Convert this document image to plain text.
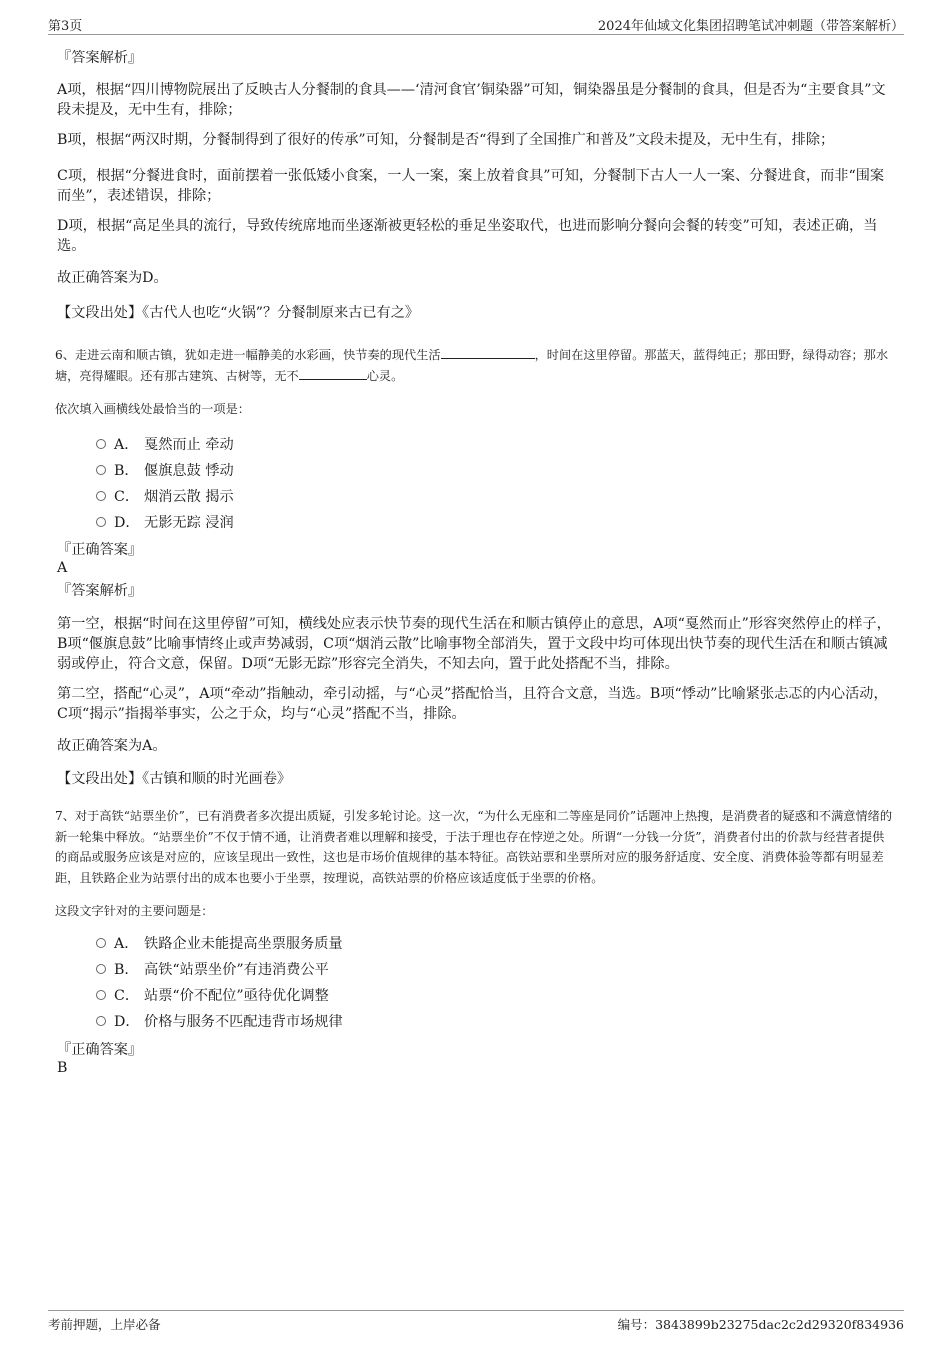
第3页	2024年仙域文化集团招聘笔试冲刺题（带答案解析）
『答案解析』
A项，根据“四川博物院展出了反映古人分餐制的食具——‘清河食官’铜染器”可知，铜染器虽是分餐制的食具，但是否为“主要食具”文段未提及，无中生有，排除；
B项，根据“两汉时期，分餐制得到了很好的传承”可知，分餐制是否“得到了全国推广和普及”文段未提及，无中生有，排除；
C项，根据“分餐进食时，面前摆着一张低矮小食案，一人一案，案上放着食具”可知，分餐制下古人一人一案、分餐进食，而非“围案而坐”，表述错误，排除；
D项，根据“高足坐具的流行，导致传统席地而坐逐渐被更轻松的垂足坐姿取代，也进而影响分餐向会餐的转变”可知，表述正确，当选。
故正确答案为D。
【文段出处】《古代人也吃“火锅”？分餐制原来古已有之》
6、走进云南和顺古镇，犹如走进一幅静美的水彩画，快节奏的现代生活	，时间在这里停留。那蓝天，蓝得纯正；那田野，绿得动容；那水塘，亮得耀眼。还有那古建筑、古树等，无不	心灵。
依次填入画横线处最恰当的一项是：
A． 戛然而止 牵动
B． 偃旗息鼓 悸动
C． 烟消云散 揭示
D． 无影无踪 浸润
『正确答案』
A
『答案解析』
第一空，根据“时间在这里停留”可知，横线处应表示快节奏的现代生活在和顺古镇停止的意思，A项“戛然而止”形容突然停止的样子，B项“偃旗息鼓”比喻事情终止或声势减弱，C项“烟消云散”比喻事物全部消失，置于文段中均可体现出快节奏的现代生活在和顺古镇减弱或停止，符合文意，保留。D项“无影无踪”形容完全消失，不知去向，置于此处搭配不当，排除。
第二空，搭配“心灵”，A项“牵动”指触动，牵引动摇，与“心灵”搭配恰当，且符合文意，当选。B项“悸动”比喻紧张忐忑的内心活动，C项“揭示”指揭举事实，公之于众，均与“心灵”搭配不当，排除。
故正确答案为A。
【文段出处】《古镇和顺的时光画卷》
7、对于高铁“站票坐价”，已有消费者多次提出质疑，引发多轮讨论。这一次，“为什么无座和二等座是同价”话题冲上热搜，是消费者的疑惑和不满意情绪的新一轮集中释放。“站票坐价”不仅于情不通，让消费者难以理解和接受，于法于理也存在悖逆之处。所谓“一分钱一分货”，消费者付出的价款与经营者提供的商品或服务应该是对应的，应该呈现出一致性，这也是市场价值规律的基本特征。高铁站票和坐票所对应的服务舒适度、安全度、消费体验等都有明显差距，且铁路企业为站票付出的成本也要小于坐票，按理说，高铁站票的价格应该适度低于坐票的价格。
这段文字针对的主要问题是：
A． 铁路企业未能提高坐票服务质量
B． 高铁“站票坐价”有违消费公平
C． 站票“价不配位”亟待优化调整
D． 价格与服务不匹配违背市场规律
『正确答案』
B
考前押题，上岸必备	编号：3843899b23275dac2c2d29320f834936
